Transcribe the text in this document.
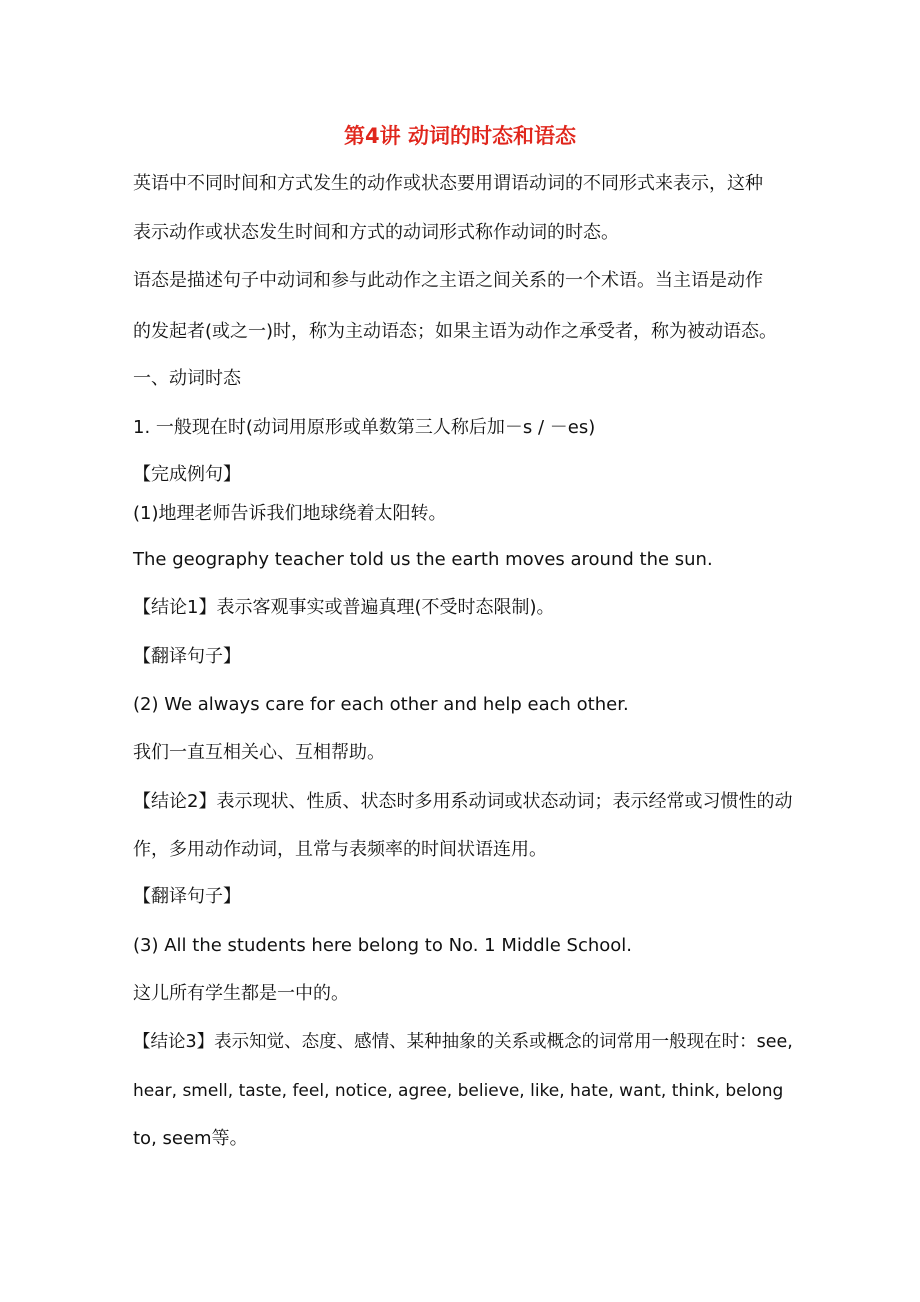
第4讲 动词的时态和语态
英语中不同时间和方式发生的动作或状态要用谓语动词的不同形式来表示，这种
表示动作或状态发生时间和方式的动词形式称作动词的时态。
语态是描述句子中动词和参与此动作之主语之间关系的一个术语。当主语是动作
的发起者(或之一)时，称为主动语态；如果主语为动作之承受者，称为被动语态。
一、动词时态
1. 一般现在时(动词用原形或单数第三人称后加－s / －es)
【完成例句】
(1)地理老师告诉我们地球绕着太阳转。
The geography teacher told us the earth moves around the sun.
【结论1】表示客观事实或普遍真理(不受时态限制)。
【翻译句子】
(2) We always care for each other and help each other.
我们一直互相关心、互相帮助。
【结论2】表示现状、性质、状态时多用系动词或状态动词；表示经常或习惯性的动
作，多用动作动词，且常与表频率的时间状语连用。
【翻译句子】
(3) All the students here belong to No. 1 Middle School.
这儿所有学生都是一中的。
【结论3】表示知觉、态度、感情、某种抽象的关系或概念的词常用一般现在时：see,
hear, smell, taste, feel, notice, agree, believe, like, hate, want, think, belong
to, seem等。
